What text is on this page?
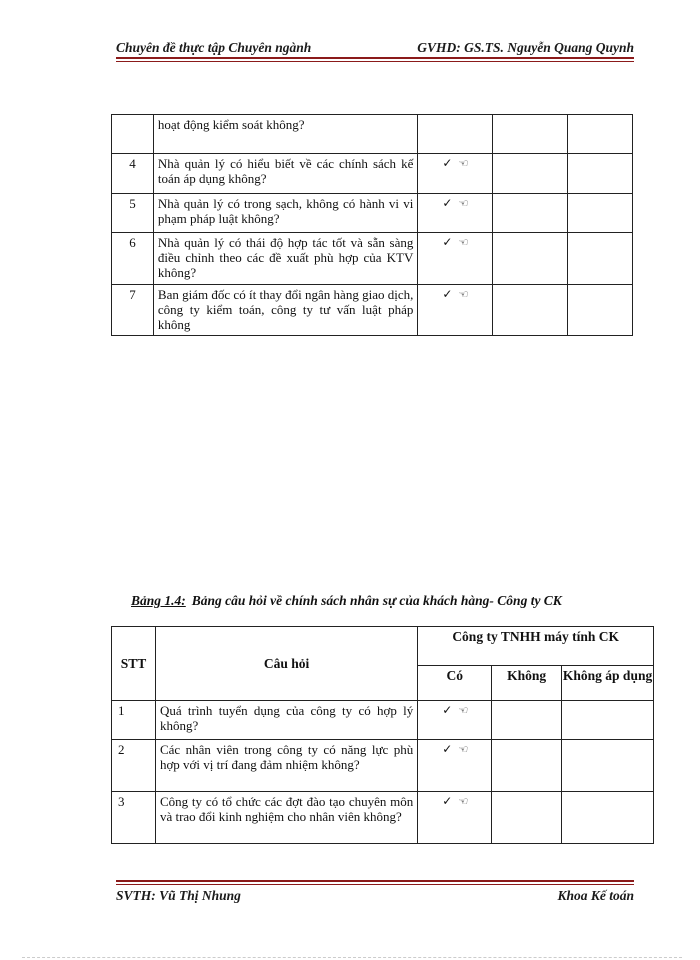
Chuyên đề thực tập Chuyên ngành	GVHD: GS.TS. Nguyễn Quang Quynh
	hoạt động kiểm soát không?			
4	Nhà quản lý có hiểu biết về các chính sách kế toán áp dụng không?	✓ ☜		
5	Nhà quản lý có trong sạch, không có hành vi vi phạm pháp luật không?	✓ ☜		
6	Nhà quản lý có thái độ hợp tác tốt và sẵn sàng điều chỉnh theo các đề xuất phù hợp của KTV không?	✓ ☜		
7	Ban giám đốc có ít thay đổi ngân hàng giao dịch, công ty kiểm toán, công ty tư vấn luật pháp không	✓ ☜		
Bảng 1.4: Bảng câu hỏi về chính sách nhân sự của khách hàng- Công ty CK
STT	Câu hỏi	Công ty TNHH máy tính CK		
		Có	Không	Không áp dụng
1	Quá trình tuyển dụng của công ty có hợp lý không?	✓ ☜		
2	Các nhân viên trong công ty có năng lực phù hợp với vị trí đang đảm nhiệm không?	✓ ☜		
3	Công ty có tổ chức các đợt đào tạo chuyên môn và trao đổi kinh nghiệm cho nhân viên không?	✓ ☜		
SVTH: Vũ Thị Nhung	Khoa Kế toán
